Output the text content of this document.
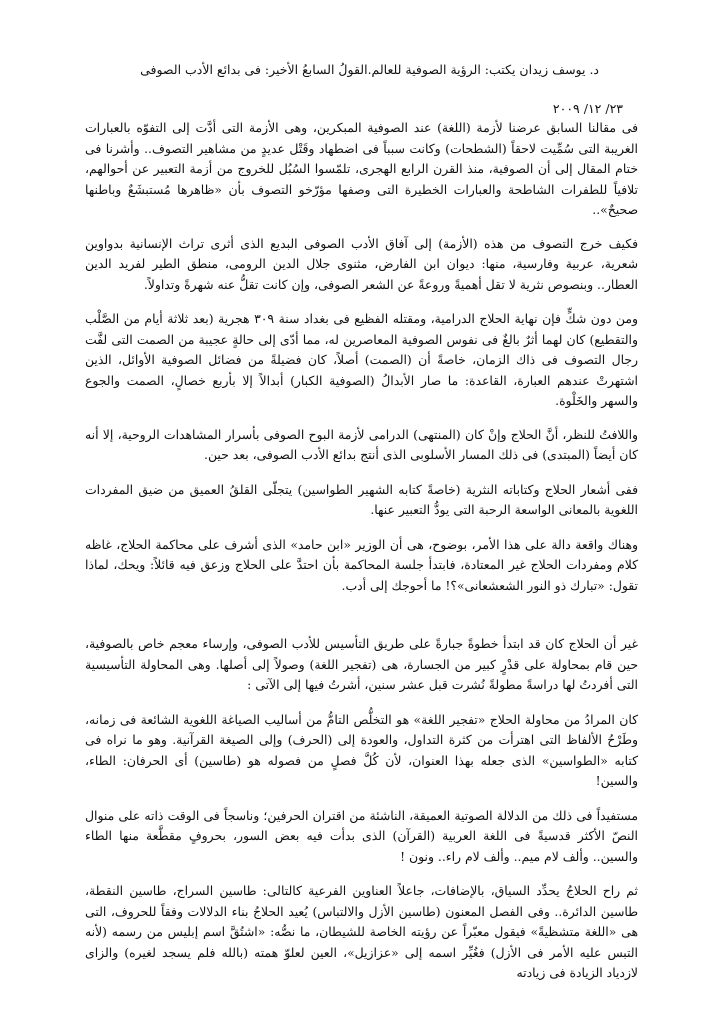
د. يوسف زيدان يكتب: الرؤية الصوفية للعالم.القولُ السابعُ الأخير: فى بدائع الأدب الصوفى
٢٣/ ١٢/ ٢٠٠٩

فى مقالنا السابق عرضنا لأزمة (اللغة) عند الصوفية المبكرين، وهى الأزمة التى أدَّت إلى التفوّه بالعبارات الغريبة التى سُمِّيت لاحقاً (الشطحات) وكانت سبباً فى اضطهاد وقَتْل عديدٍ من مشاهير التصوف.. وأشرنا فى ختام المقال إلى أن الصوفية، منذ القرن الرابع الهجرى، تلمّسوا السُبُل للخروج من أزمة التعبير عن أحوالهم، تلافياً للطفرات الشاطحة والعبارات الخطيرة التى وصفها مؤرّخو التصوف بأن «ظاهرها مُستبشَعٌ وباطنها صحيحٌ»..

فكيف خرج التصوف من هذه (الأزمة) إلى آفاق الأدب الصوفى البديع الذى أثرى تراث الإنسانية بدواوين شعرية، عربية وفارسية، منها: ديوان ابن الفارض، مثنوى جلال الدين الرومى، منطق الطير لفريد الدين العطار.. وبنصوص نثرية لا تقل أهميةً وروعةً عن الشعر الصوفى، وإن كانت تقلُّ عنه شهرةً وتداولاً.

ومن دون شكٍّ فإن نهاية الحلاج الدرامية، ومقتله الفظيع فى بغداد سنة ٣٠٩ هجرية (بعد ثلاثة أيام من الصَّلْب والتقطيع) كان لهما أثرٌ بالغٌ فى نفوس الصوفية المعاصرين له، مما أدّى إلى حالةٍ عجيبة من الصمت التى لفَّت رجال التصوف فى ذاك الزمان، خاصةً أن (الصمت) أصلاً، كان فضيلةً من فضائل الصوفية الأوائل، الذين اشتهرتْ عندهم العبارة، القاعدة: ما صار الأبدالُ (الصوفية الكبار) أبدالاً إلا بأربع خصالٍ، الصمت والجوع والسهر والخَلْوة.

واللافتُ للنظر، أنَّ الحلاج وإنْ كان (المنتهى) الدرامى لأزمة البوح الصوفى بأسرار المشاهدات الروحية، إلا أنه كان أيضاً (المبتدى) فى ذلك المسار الأسلوبى الذى أنتج بدائع الأدب الصوفى، بعد حين.

ففى أشعار الحلاج وكتاباته النثرية (خاصةً كتابه الشهير الطواسين) يتجلّى القلقُ العميق من ضيق المفردات اللغوية بالمعانى الواسعة الرحبة التى يودُّ التعبير عنها.

وهناك واقعة دالة على هذا الأمر، بوضوح، هى أن الوزير «ابن حامد» الذى أشرف على محاكمة الحلاج، غاظه كلام ومفردات الحلاج غير المعتادة، فابتدأ جلسة المحاكمة بأن احتدَّ على الحلاج وزعق فيه قائلاً: ويحك، لماذا تقول: «تبارك ذو النور الشعشعانى»؟! ما أحوجك إلى أدب.

غير أن الحلاج كان قد ابتدأ خطوةً جبارةً على طريق التأسيس للأدب الصوفى، وإرساء معجم خاص بالصوفية، حين قام بمحاولة على قدْرٍ كبير من الجسارة، هى (تفجير اللغة) وصولاً إلى أصلها. وهى المحاولة التأسيسية التى أفردتُ لها دراسةً مطولةً نُشرت قبل عشر سنين، أشرتُ فيها إلى الآتى :

كان المرادُ من محاولة الحلاج «تفجير اللغة» هو التخلُّص التامُّ من أساليب الصياغة اللغوية الشائعة فى زمانه، وطَرْحُ الألفاظ التى اهترأت من كثرة التداول، والعودة إلى (الحرف) وإلى الصيغة القرآنية. وهو ما نراه فى كتابه «الطواسين» الذى جعله بهذا العنوان، لأن كُلَّ فصلٍ من فصوله هو (طاسين) أى الحرفان: الطاء، والسين!

مستفيداً فى ذلك من الدلالة الصوتية العميقة، الناشئة من اقتران الحرفين؛ وناسجاً فى الوقت ذاته على منوال النصّ الأكثر قدسيةً فى اللغة العربية (القرآن) الذى بدأت فيه بعض السور، بحروفٍ مقطَّعة منها الطاء والسين.. وألف لام ميم.. وألف لام راء.. ونون !

ثم راح الحلاجُ يحدِّد السياق، بالإضافات، جاعلاً العناوين الفرعية كالتالى: طاسين السراج، طاسين النقطة، طاسين الدائرة.. وفى الفصل المعنون (طاسين الأزل والالتباس) يُعيد الحلاجُ بناء الدلالات وفقاً للحروف، التى هى «اللغة متشظيةً» فيقول معبّراً عن رؤيته الخاصة للشيطان، ما نصُّه: «اشتُقَّ اسم إبليس من رسمه (لأنه التبس عليه الأمر فى الأزل) فغُيِّر اسمه إلى «عزازيل»، العين لعلوّ همته (بالله فلم يسجد لغيره) والزاى لازدياد الزيادة فى زيادته
